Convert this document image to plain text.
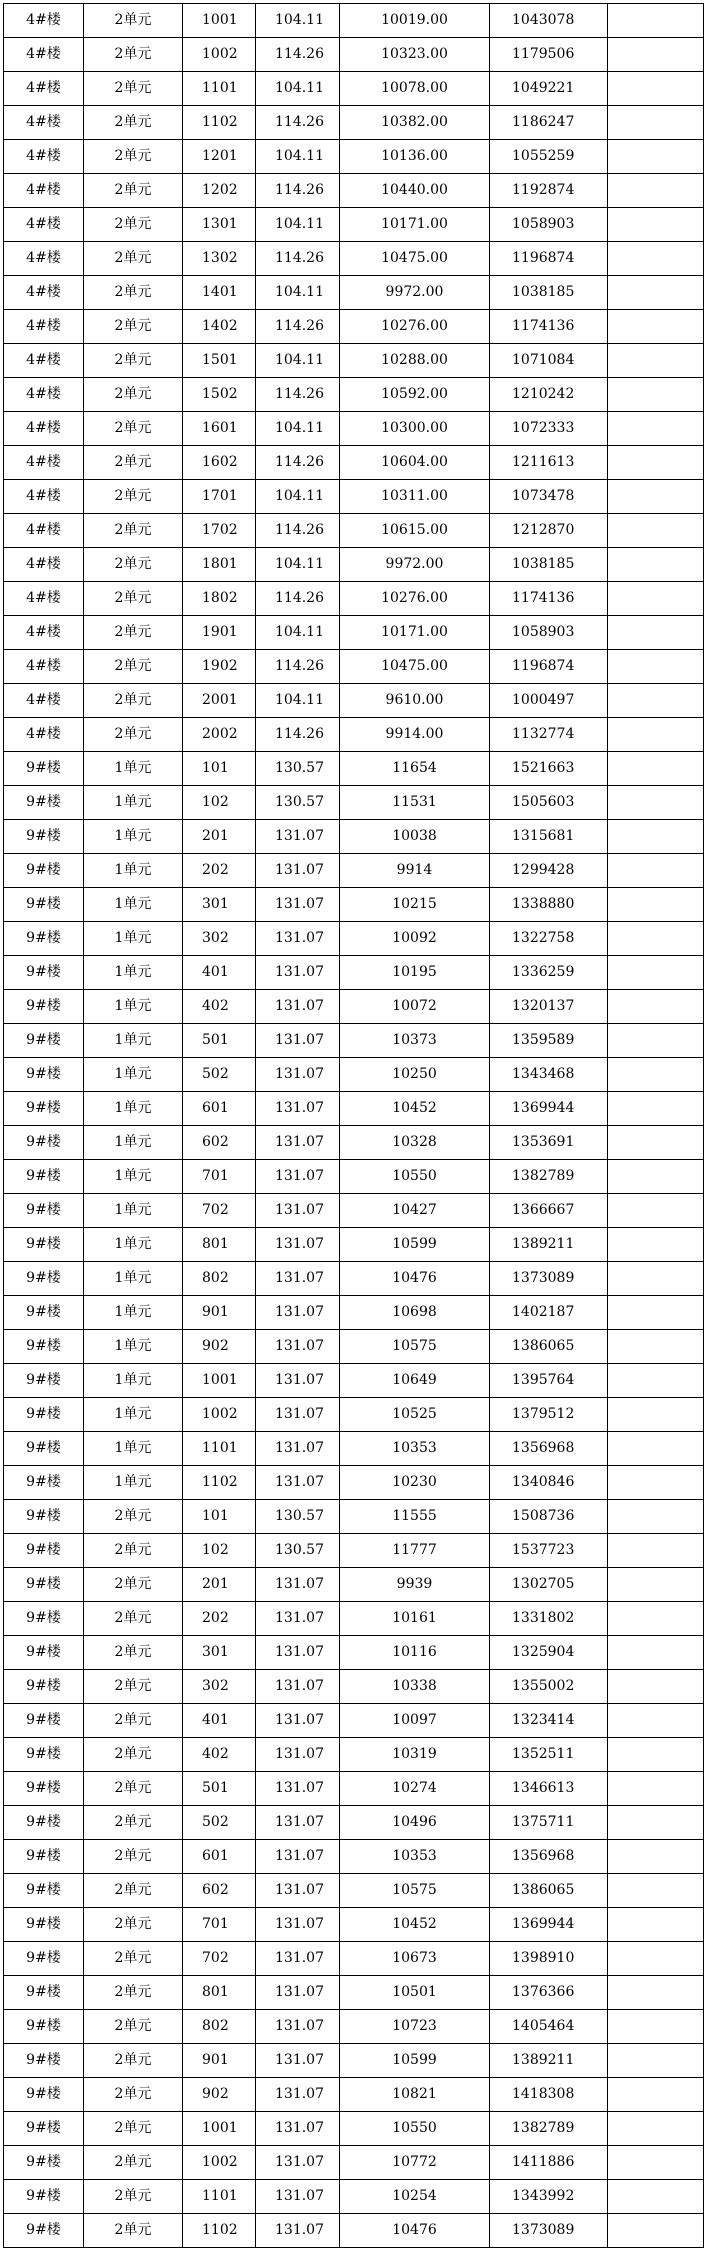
4#楼	2单元	1001	104.11	10019.00	1043078	
4#楼	2单元	1002	114.26	10323.00	1179506	
4#楼	2单元	1101	104.11	10078.00	1049221	
4#楼	2单元	1102	114.26	10382.00	1186247	
4#楼	2单元	1201	104.11	10136.00	1055259	
4#楼	2单元	1202	114.26	10440.00	1192874	
4#楼	2单元	1301	104.11	10171.00	1058903	
4#楼	2单元	1302	114.26	10475.00	1196874	
4#楼	2单元	1401	104.11	9972.00	1038185	
4#楼	2单元	1402	114.26	10276.00	1174136	
4#楼	2单元	1501	104.11	10288.00	1071084	
4#楼	2单元	1502	114.26	10592.00	1210242	
4#楼	2单元	1601	104.11	10300.00	1072333	
4#楼	2单元	1602	114.26	10604.00	1211613	
4#楼	2单元	1701	104.11	10311.00	1073478	
4#楼	2单元	1702	114.26	10615.00	1212870	
4#楼	2单元	1801	104.11	9972.00	1038185	
4#楼	2单元	1802	114.26	10276.00	1174136	
4#楼	2单元	1901	104.11	10171.00	1058903	
4#楼	2单元	1902	114.26	10475.00	1196874	
4#楼	2单元	2001	104.11	9610.00	1000497	
4#楼	2单元	2002	114.26	9914.00	1132774	
9#楼	1单元	101	130.57	11654	1521663	
9#楼	1单元	102	130.57	11531	1505603	
9#楼	1单元	201	131.07	10038	1315681	
9#楼	1单元	202	131.07	9914	1299428	
9#楼	1单元	301	131.07	10215	1338880	
9#楼	1单元	302	131.07	10092	1322758	
9#楼	1单元	401	131.07	10195	1336259	
9#楼	1单元	402	131.07	10072	1320137	
9#楼	1单元	501	131.07	10373	1359589	
9#楼	1单元	502	131.07	10250	1343468	
9#楼	1单元	601	131.07	10452	1369944	
9#楼	1单元	602	131.07	10328	1353691	
9#楼	1单元	701	131.07	10550	1382789	
9#楼	1单元	702	131.07	10427	1366667	
9#楼	1单元	801	131.07	10599	1389211	
9#楼	1单元	802	131.07	10476	1373089	
9#楼	1单元	901	131.07	10698	1402187	
9#楼	1单元	902	131.07	10575	1386065	
9#楼	1单元	1001	131.07	10649	1395764	
9#楼	1单元	1002	131.07	10525	1379512	
9#楼	1单元	1101	131.07	10353	1356968	
9#楼	1单元	1102	131.07	10230	1340846	
9#楼	2单元	101	130.57	11555	1508736	
9#楼	2单元	102	130.57	11777	1537723	
9#楼	2单元	201	131.07	9939	1302705	
9#楼	2单元	202	131.07	10161	1331802	
9#楼	2单元	301	131.07	10116	1325904	
9#楼	2单元	302	131.07	10338	1355002	
9#楼	2单元	401	131.07	10097	1323414	
9#楼	2单元	402	131.07	10319	1352511	
9#楼	2单元	501	131.07	10274	1346613	
9#楼	2单元	502	131.07	10496	1375711	
9#楼	2单元	601	131.07	10353	1356968	
9#楼	2单元	602	131.07	10575	1386065	
9#楼	2单元	701	131.07	10452	1369944	
9#楼	2单元	702	131.07	10673	1398910	
9#楼	2单元	801	131.07	10501	1376366	
9#楼	2单元	802	131.07	10723	1405464	
9#楼	2单元	901	131.07	10599	1389211	
9#楼	2单元	902	131.07	10821	1418308	
9#楼	2单元	1001	131.07	10550	1382789	
9#楼	2单元	1002	131.07	10772	1411886	
9#楼	2单元	1101	131.07	10254	1343992	
9#楼	2单元	1102	131.07	10476	1373089	
